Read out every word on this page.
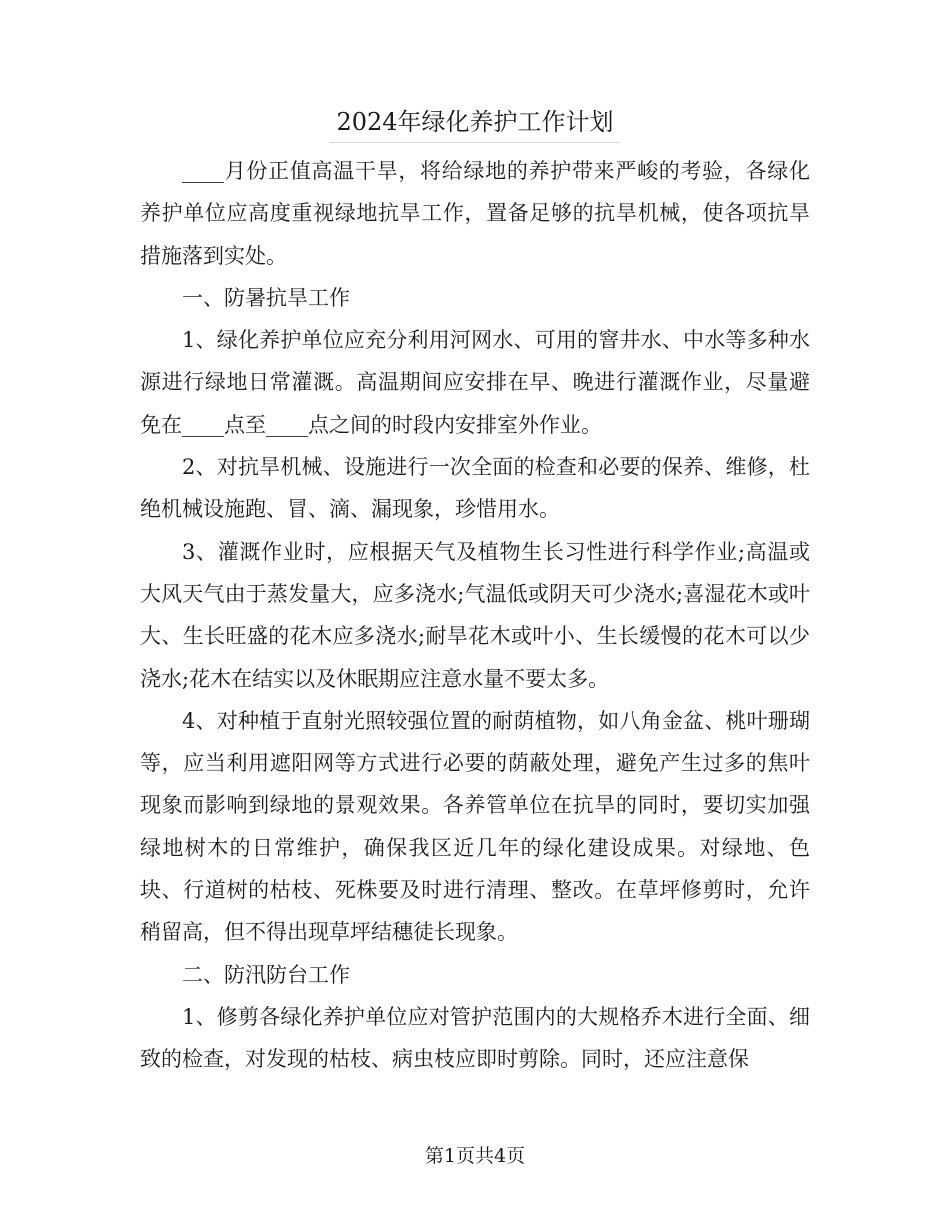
2024年绿化养护工作计划

____月份正值高温干旱，将给绿地的养护带来严峻的考验，各绿化养护单位应高度重视绿地抗旱工作，置备足够的抗旱机械，使各项抗旱措施落到实处。

一、防暑抗旱工作

1、绿化养护单位应充分利用河网水、可用的窨井水、中水等多种水源进行绿地日常灌溉。高温期间应安排在早、晚进行灌溉作业，尽量避免在____点至____点之间的时段内安排室外作业。

2、对抗旱机械、设施进行一次全面的检查和必要的保养、维修，杜绝机械设施跑、冒、滴、漏现象，珍惜用水。

3、灌溉作业时，应根据天气及植物生长习性进行科学作业;高温或大风天气由于蒸发量大，应多浇水;气温低或阴天可少浇水;喜湿花木或叶大、生长旺盛的花木应多浇水;耐旱花木或叶小、生长缓慢的花木可以少浇水;花木在结实以及休眠期应注意水量不要太多。

4、对种植于直射光照较强位置的耐荫植物，如八角金盆、桃叶珊瑚等，应当利用遮阳网等方式进行必要的荫蔽处理，避免产生过多的焦叶现象而影响到绿地的景观效果。各养管单位在抗旱的同时，要切实加强绿地树木的日常维护，确保我区近几年的绿化建设成果。对绿地、色块、行道树的枯枝、死株要及时进行清理、整改。在草坪修剪时，允许稍留高，但不得出现草坪结穗徒长现象。

二、防汛防台工作

1、修剪各绿化养护单位应对管护范围内的大规格乔木进行全面、细致的检查，对发现的枯枝、病虫枝应即时剪除。同时，还应注意保

第1页共4页
